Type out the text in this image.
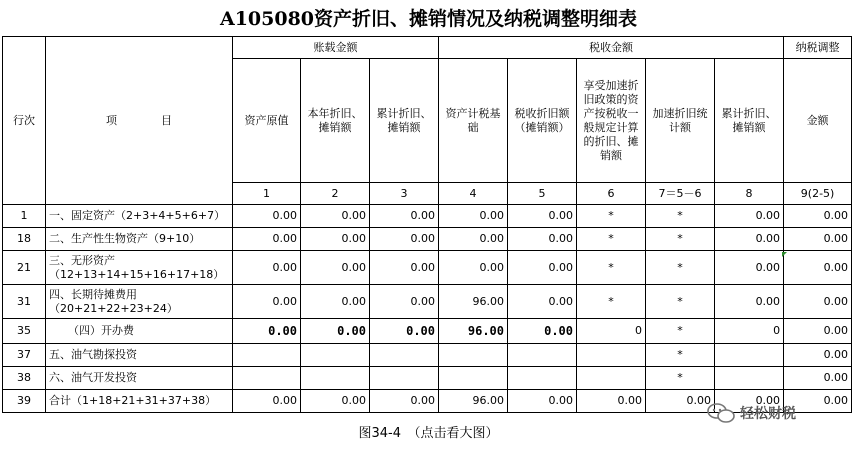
A105080资产折旧、摊销情况及纳税调整明细表
行次	项　　　　目	账载金额			税收金额					纳税调整
		资产原值	本年折旧、摊销额	累计折旧、摊销额	资产计税基础	税收折旧额（摊销额）	享受加速折旧政策的资产按税收一般规定计算的折旧、摊销额	加速折旧统计额	累计折旧、摊销额	金额
		1	2	3	4	5	6	7＝5－6	8	9(2-5)
1	一、固定资产（2+3+4+5+6+7）	0.00	0.00	0.00	0.00	0.00	*	*	0.00	0.00
18	二、生产性生物资产（9+10）	0.00	0.00	0.00	0.00	0.00	*	*	0.00	0.00
21	三、无形资产（12+13+14+15+16+17+18）	0.00	0.00	0.00	0.00	0.00	*	*	0.00	0.00
31	四、长期待摊费用（20+21+22+23+24）	0.00	0.00	0.00	96.00	0.00	*	*	0.00	0.00
35	（四）开办费	0.00	0.00	0.00	96.00	0.00	0	*	0	0.00
37	五、油气勘探投资							*		0.00
38	六、油气开发投资							*		0.00
39	合计（1+18+21+31+37+38）	0.00	0.00	0.00	96.00	0.00	0.00	0.00	0.00	0.00
图34-4　（点击看大图）
轻松财税
